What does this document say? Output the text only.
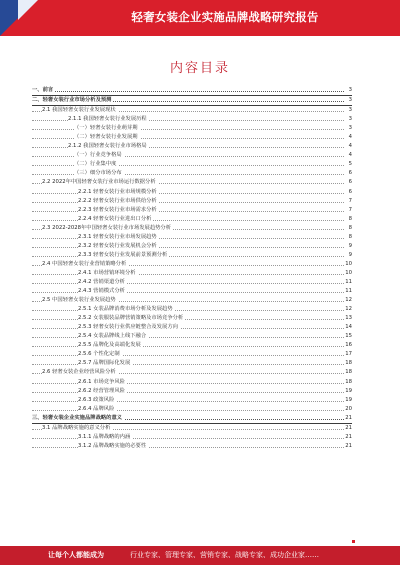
轻奢女装企业实施品牌战略研究报告
内容目录
一、前言	3
二、轻奢女装行业市场分析及预测	3
2.1 我国轻奢女装行业发展现状	3
2.1.1 我国轻奢女装行业发展历程	3
（一）轻奢女装行业萌芽期	3
（二）轻奢女装行业发展期	4
2.1.2 我国轻奢女装行业市场格局	4
（一）行业竞争格局	4
（二）行业集中度	5
（三）细分市场分布	6
2.2 2022年中国轻奢女装行业市场运行数据分析	6
2.2.1 轻奢女装行业市场规模分析	6
2.2.2 轻奢女装行业市场供给分析	7
2.2.3 轻奢女装行业市场需求分析	7
2.2.4 轻奢女装行业进出口分析	8
2.3 2022-2028年中国轻奢女装行业市场发展趋势分析	8
2.3.1 轻奢女装行业市场发展趋势	8
2.3.2 轻奢女装行业发展机会分析	9
2.3.3 轻奢女装行业发展前景预测分析	9
2.4 中国轻奢女装行业营销策略分析	10
2.4.1 市场营销环境分析	10
2.4.2 营销渠道分析	11
2.4.3 营销模式分析	11
2.5 中国轻奢女装行业发展趋势	12
2.5.1 女装品牌消费市场分析及发展趋势	12
2.5.2 女装服装品牌营销策略及市场竞争分析	13
2.5.3 轻奢女装行业供应链整合及发展方向	14
2.5.4 女装品牌线上线下融合	15
2.5.5 品牌化及高端化发展	16
2.5.6 个性化定制	17
2.5.7 品牌国际化发展	18
2.6 轻奢女装企业经营风险分析	18
2.6.1 市场竞争风险	18
2.6.2 经营管理风险	19
2.6.3 政策风险	19
2.6.4 品牌风险	20
三、轻奢女装企业实施品牌战略的意义	21
3.1 品牌战略实施的意义分析	21
3.1.1 品牌战略的内涵	21
3.1.2 品牌战略实施的必要性	21
让每个人都能成为	行业专家、管理专家、营销专家、战略专家、成功企业家……
